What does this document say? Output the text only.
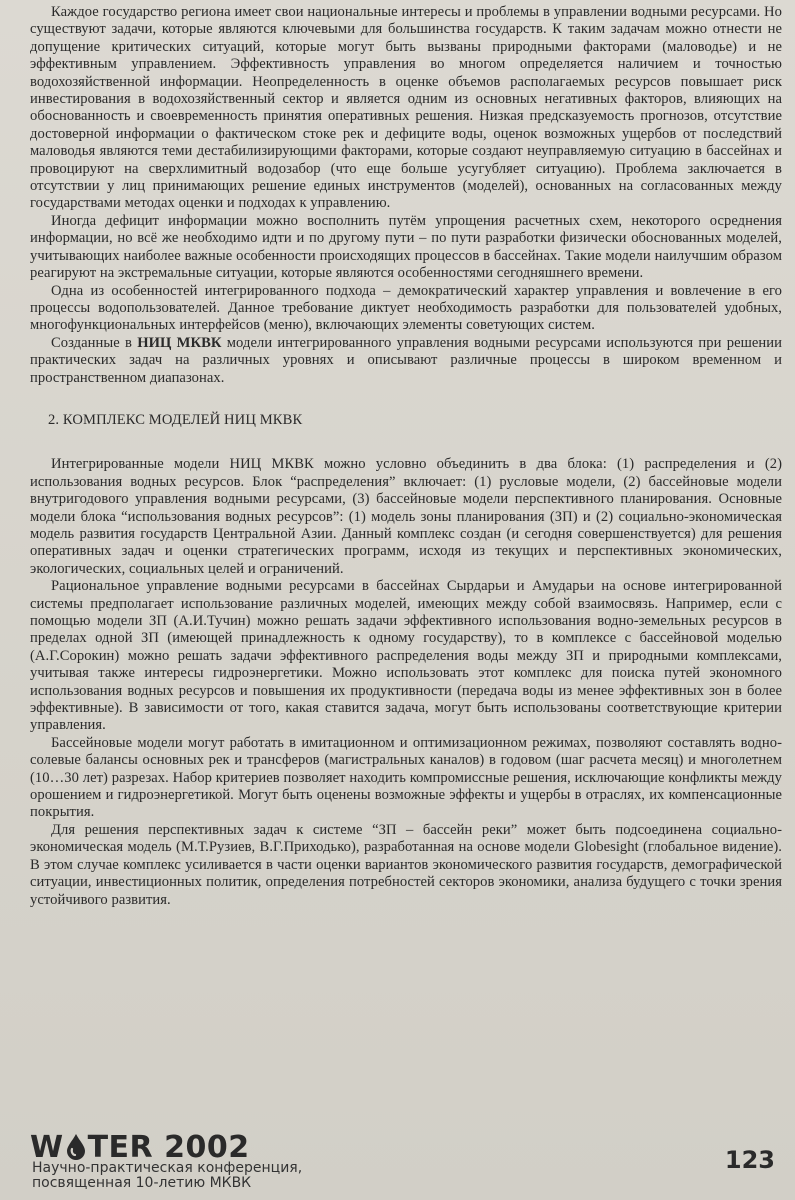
Каждое государство региона имеет свои национальные интересы и проблемы в управлении водными ресурсами. Но существуют задачи, которые являются ключевыми для большинства государств. К таким задачам можно отнести не допущение критических ситуаций, которые могут быть вызваны природными факторами (маловодье) и не эффективным управлением. Эффективность управления во многом определяется наличием и точностью водохозяйственной информации. Неопределенность в оценке объемов располагаемых ресурсов повышает риск инвестирования в водохозяйственный сектор и является одним из основных негативных факторов, влияющих на обоснованность и своевременность принятия оперативных решения. Низкая предсказуемость прогнозов, отсутствие достоверной информации о фактическом стоке рек и дефиците воды, оценок возможных ущербов от последствий маловодья являются теми дестабилизирующими факторами, которые создают неуправляемую ситуацию в бассейнах и провоцируют на сверхлимитный водозабор (что еще больше усугубляет ситуацию). Проблема заключается в отсутствии у лиц принимающих решение единых инструментов (моделей), основанных на согласованных между государствами методах оценки и подходах к управлению.

Иногда дефицит информации можно восполнить путём упрощения расчетных схем, некоторого осреднения информации, но всё же необходимо идти и по другому пути – по пути разработки физически обоснованных моделей, учитывающих наиболее важные особенности происходящих процессов в бассейнах. Такие модели наилучшим образом реагируют на экстремальные ситуации, которые являются особенностями сегодняшнего времени.

Одна из особенностей интегрированного подхода – демократический характер управления и вовлечение в его процессы водопользователей. Данное требование диктует необходимость разработки для пользователей удобных, многофункциональных интерфейсов (меню), включающих элементы советующих систем.

Созданные в НИЦ МКВК модели интегрированного управления водными ресурсами используются при решении практических задач на различных уровнях и описывают различные процессы в широком временном и пространственном диапазонах.

2. КОМПЛЕКС МОДЕЛЕЙ НИЦ МКВК

Интегрированные модели НИЦ МКВК можно условно объединить в два блока: (1) распределения и (2) использования водных ресурсов. Блок “распределения” включает: (1) русловые модели, (2) бассейновые модели внутригодового управления водными ресурсами, (3) бассейновые модели перспективного планирования. Основные модели блока “использования водных ресурсов”: (1) модель зоны планирования (ЗП) и (2) социально-экономическая модель развития государств Центральной Азии. Данный комплекс создан (и сегодня совершенствуется) для решения оперативных задач и оценки стратегических программ, исходя из текущих и перспективных экономических, экологических, социальных целей и ограничений.

Рациональное управление водными ресурсами в бассейнах Сырдарьи и Амударьи на основе интегрированной системы предполагает использование различных моделей, имеющих между собой взаимосвязь. Например, если с помощью модели ЗП (А.И.Тучин) можно решать задачи эффективного использования водно-земельных ресурсов в пределах одной ЗП (имеющей принадлежность к одному государству), то в комплексе с бассейновой моделью (А.Г.Сорокин) можно решать задачи эффективного распределения воды между ЗП и природными комплексами, учитывая также интересы гидроэнергетики. Можно использовать этот комплекс для поиска путей экономного использования водных ресурсов и повышения их продуктивности (передача воды из менее эффективных зон в более эффективные). В зависимости от того, какая ставится задача, могут быть использованы соответствующие критерии управления.

Бассейновые модели могут работать в имитационном и оптимизационном режимах, позволяют составлять водно-солевые балансы основных рек и трансферов (магистральных каналов) в годовом (шаг расчета месяц) и многолетнем (10…30 лет) разрезах. Набор критериев позволяет находить компромиссные решения, исключающие конфликты между орошением и гидроэнергетикой. Могут быть оценены возможные эффекты и ущербы в отраслях, их компенсационные покрытия.

Для решения перспективных задач к системе “ЗП – бассейн реки” может быть подсоединена социально-экономическая модель (М.Т.Рузиев, В.Г.Приходько), разработанная на основе модели Globesight (глобальное видение). В этом случае комплекс усиливается в части оценки вариантов экономического развития государств, демографической ситуации, инвестиционных политик, определения потребностей секторов экономики, анализа будущего с точки зрения устойчивого развития.

W TER 2002
Научно-практическая конференция,
посвященная 10-летию МКВК
123
